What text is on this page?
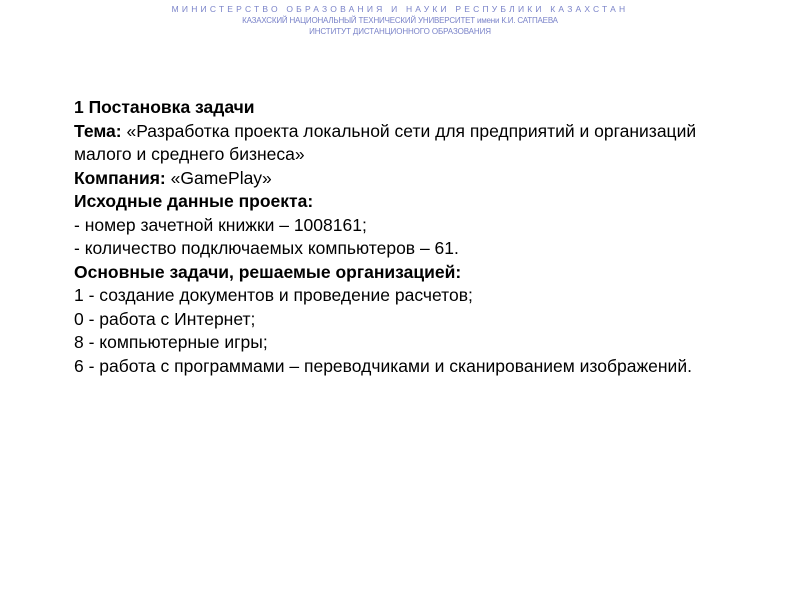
МИНИСТЕРСТВО ОБРАЗОВАНИЯ И НАУКИ РЕСПУБЛИКИ КАЗАХСТАН
КАЗАХСКИЙ НАЦИОНАЛЬНЫЙ ТЕХНИЧЕСКИЙ УНИВЕРСИТЕТ имени К.И. САТПАЕВА
ИНСТИТУТ ДИСТАНЦИОННОГО ОБРАЗОВАНИЯ

1 Постановка задачи

Тема: «Разработка проекта локальной сети для предприятий и организаций малого и среднего бизнеса»

Компания: «GamePlay»

Исходные данные проекта:

- номер зачетной книжки – 1008161;

- количество подключаемых компьютеров – 61.

Основные задачи, решаемые организацией:

1 - создание документов и проведение расчетов;

0 - работа с Интернет;

8 - компьютерные игры;

6 - работа с программами – переводчиками и сканированием изображений.
